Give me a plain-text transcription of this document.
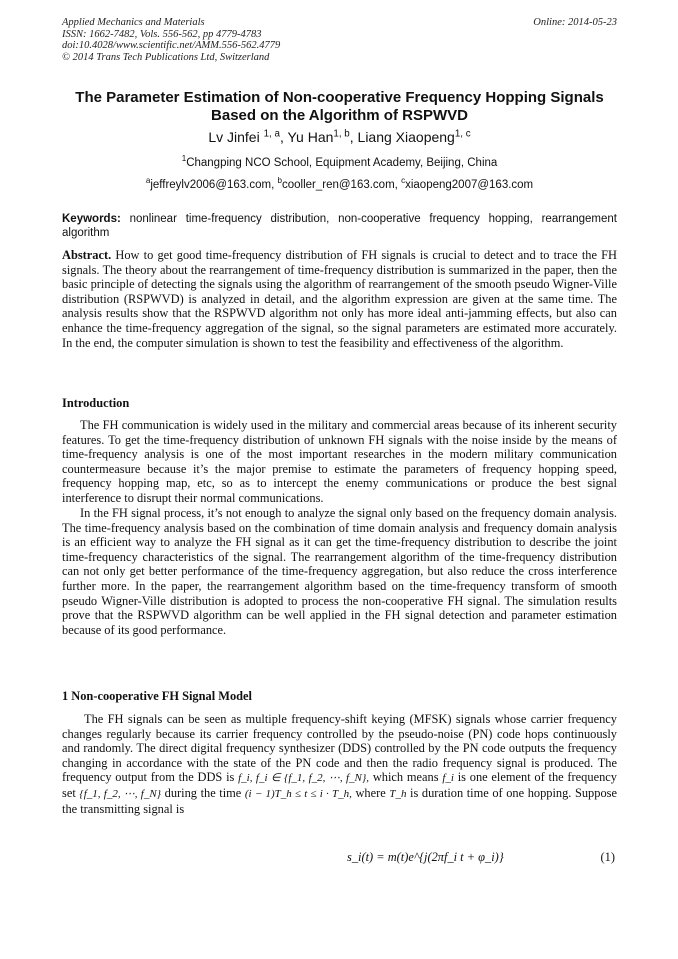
Applied Mechanics and Materials
ISSN: 1662-7482, Vols. 556-562, pp 4779-4783
doi:10.4028/www.scientific.net/AMM.556-562.4779
© 2014 Trans Tech Publications Ltd, Switzerland
Online: 2014-05-23
The Parameter Estimation of Non-cooperative Frequency Hopping Signals Based on the Algorithm of RSPWVD
Lv Jinfei $^{1, a}$, Yu Han$^{1, b}$, Liang Xiaopeng$^{1, c}$
$^1$Changping NCO School, Equipment Academy, Beijing, China
$^a$jeffreylv2006@163.com, $^b$cooller_ren@163.com, $^c$xiaopeng2007@163.com
Keywords: nonlinear time-frequency distribution, non-cooperative frequency hopping, rearrangement algorithm
Abstract. How to get good time-frequency distribution of FH signals is crucial to detect and to trace the FH signals. The theory about the rearrangement of time-frequency distribution is summarized in the paper, then the basic principle of detecting the signals using the algorithm of rearrangement of the smooth pseudo Wigner-Ville distribution (RSPWVD) is analyzed in detail, and the algorithm expression are given at the same time. The analysis results show that the RSPWVD algorithm not only has more ideal anti-jamming effects, but also can enhance the time-frequency aggregation of the signal, so the signal parameters are estimated more accurately. In the end, the computer simulation is shown to test the feasibility and effectiveness of the algorithm.
Introduction
The FH communication is widely used in the military and commercial areas because of its inherent security features. To get the time-frequency distribution of unknown FH signals with the noise inside by the means of time-frequency analysis is one of the most important researches in the modern military communication countermeasure because it’s the major premise to estimate the parameters of frequency hopping speed, frequency hopping map, etc, so as to intercept the enemy communications or produce the best signal interference to disrupt their normal communications.
In the FH signal process, it’s not enough to analyze the signal only based on the frequency domain analysis. The time-frequency analysis based on the combination of time domain analysis and frequency domain analysis is an efficient way to analyze the FH signal as it can get the time-frequency distribution to describe the joint time-frequency characteristics of the signal. The rearrangement algorithm of the time-frequency distribution can not only get better performance of the time-frequency aggregation, but also reduce the cross interference further more. In the paper, the rearrangement algorithm based on the time-frequency transform of smooth pseudo Wigner-Ville distribution is adopted to process the non-cooperative FH signal. The simulation results prove that the RSPWVD algorithm can be well applied in the FH signal detection and parameter estimation because of its good performance.
1 Non-cooperative FH Signal Model
The FH signals can be seen as multiple frequency-shift keying (MFSK) signals whose carrier frequency changes regularly because its carrier frequency controlled by the pseudo-noise (PN) code hops continuously and randomly. The direct digital frequency synthesizer (DDS) controlled by the PN code outputs the frequency changing in accordance with the state of the PN code and then the radio frequency signal is produced. The frequency output from the DDS is f_i, f_i ∈ {f_1, f_2, ⋯, f_N}, which means f_i is one element of the frequency set {f_1, f_2, ⋯, f_N} during the time (i − 1)T_h ≤ t ≤ i · T_h, where T_h is duration time of one hopping. Suppose the transmitting signal is
s_i(t) = m(t)e^{j(2πf_i t + φ_i)}	(1)
